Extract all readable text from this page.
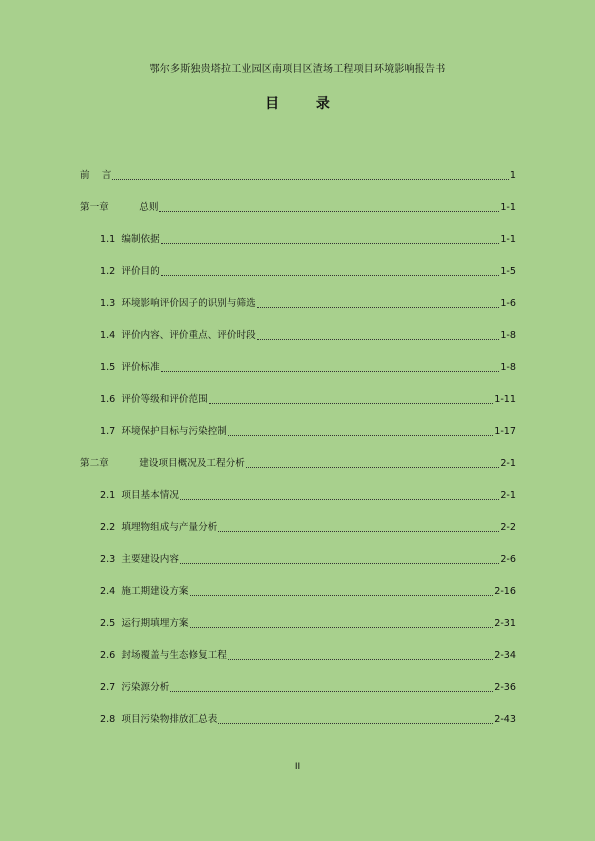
鄂尔多斯独贵塔拉工业园区南项目区渣场工程项目环境影响报告书
目 录
前    言	1
第一章          总则	1-1
1.1  编制依据	1-1
1.2  评价目的	1-5
1.3  环境影响评价因子的识别与筛选	1-6
1.4  评价内容、评价重点、评价时段	1-8
1.5  评价标准	1-8
1.6  评价等级和评价范围	1-11
1.7  环境保护目标与污染控制	1-17
第二章          建设项目概况及工程分析	2-1
2.1  项目基本情况	2-1
2.2  填埋物组成与产量分析	2-2
2.3  主要建设内容	2-6
2.4  施工期建设方案	2-16
2.5  运行期填埋方案	2-31
2.6  封场覆盖与生态修复工程	2-34
2.7  污染源分析	2-36
2.8  项目污染物排放汇总表	2-43
II
